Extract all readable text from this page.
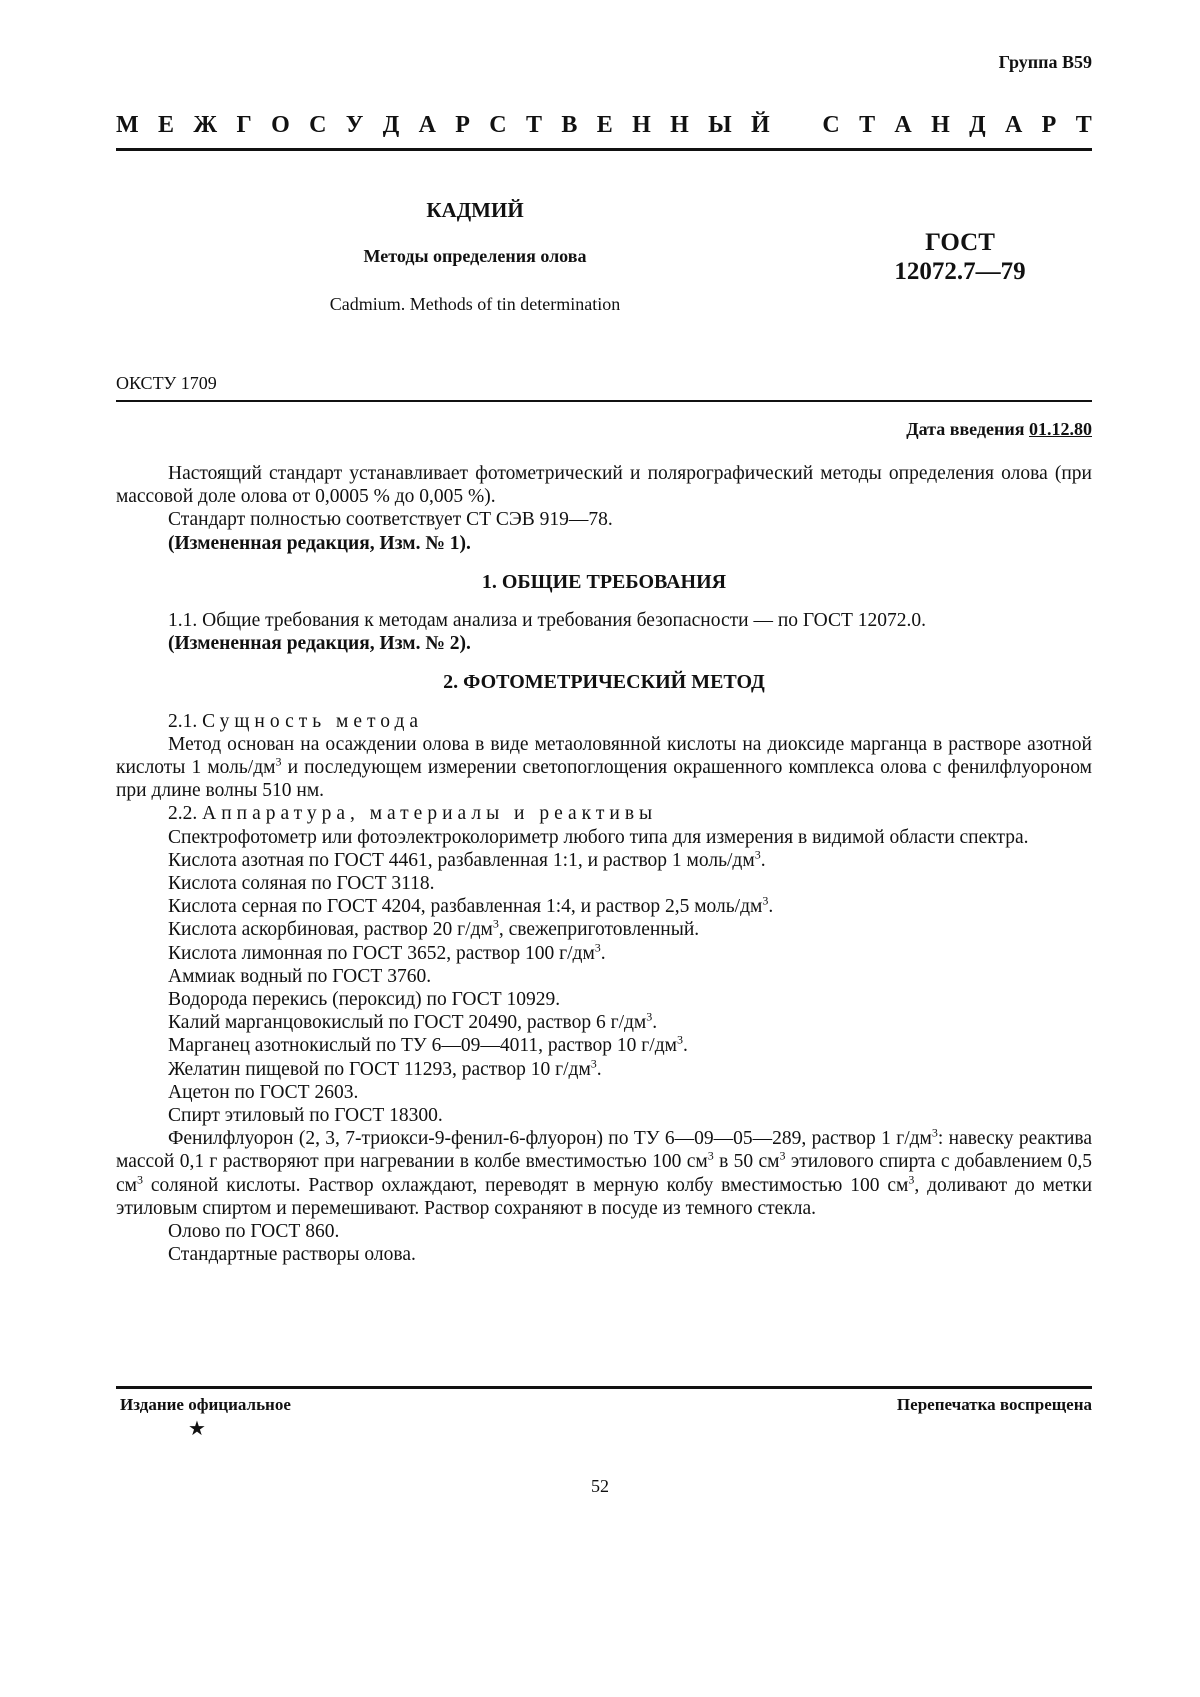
Группа В59
М Е Ж Г О С У Д А Р С Т В Е Н Н Ы Й С Т А Н Д А Р Т
КАДМИЙ
Методы определения олова
Cadmium. Methods of tin determination
ГОСТ
12072.7—79
ОКСТУ 1709
Дата введения 01.12.80

Настоящий стандарт устанавливает фотометрический и полярографический методы определения олова (при массовой доле олова от 0,0005 % до 0,005 %).

Стандарт полностью соответствует СТ СЭВ 919—78.

(Измененная редакция, Изм. № 1).

1. ОБЩИЕ ТРЕБОВАНИЯ

1.1. Общие требования к методам анализа и требования безопасности — по ГОСТ 12072.0.

(Измененная редакция, Изм. № 2).

2. ФОТОМЕТРИЧЕСКИЙ МЕТОД

2.1. Сущность метода

Метод основан на осаждении олова в виде метаоловянной кислоты на диоксиде марганца в растворе азотной кислоты 1 моль/$дм^3$ и последующем измерении светопоглощения окрашенного комплекса олова с фенилфлуороном при длине волны 510 нм.

2.2. Аппаратура, материалы и реактивы

Спектрофотометр или фотоэлектроколориметр любого типа для измерения в видимой области спектра.

Кислота азотная по ГОСТ 4461, разбавленная 1:1, и раствор 1 моль/$дм^3$.

Кислота соляная по ГОСТ 3118.

Кислота серная по ГОСТ 4204, разбавленная 1:4, и раствор 2,5 моль/$дм^3$.

Кислота аскорбиновая, раствор 20 $г/дм^3$, свежеприготовленный.

Кислота лимонная по ГОСТ 3652, раствор 100 $г/дм^3$.

Аммиак водный по ГОСТ 3760.

Водорода перекись (пероксид) по ГОСТ 10929.

Калий марганцовокислый по ГОСТ 20490, раствор 6 $г/дм^3$.

Марганец азотнокислый по ТУ 6—09—4011, раствор 10 $г/дм^3$.

Желатин пищевой по ГОСТ 11293, раствор 10 $г/дм^3$.

Ацетон по ГОСТ 2603.

Спирт этиловый по ГОСТ 18300.

Фенилфлуорон (2, 3, 7-триокси-9-фенил-6-флуорон) по ТУ 6—09—05—289, раствор 1 $г/дм^3$: навеску реактива массой 0,1 г растворяют при нагревании в колбе вместимостью 100 $см^3$ в 50 $см^3$ этилового спирта с добавлением 0,5 $см^3$ соляной кислоты. Раствор охлаждают, переводят в мерную колбу вместимостью 100 $см^3$, доливают до метки этиловым спиртом и перемешивают. Раствор сохраняют в посуде из темного стекла.

Олово по ГОСТ 860.

Стандартные растворы олова.

Издание официальное
★
Перепечатка воспрещена
52
